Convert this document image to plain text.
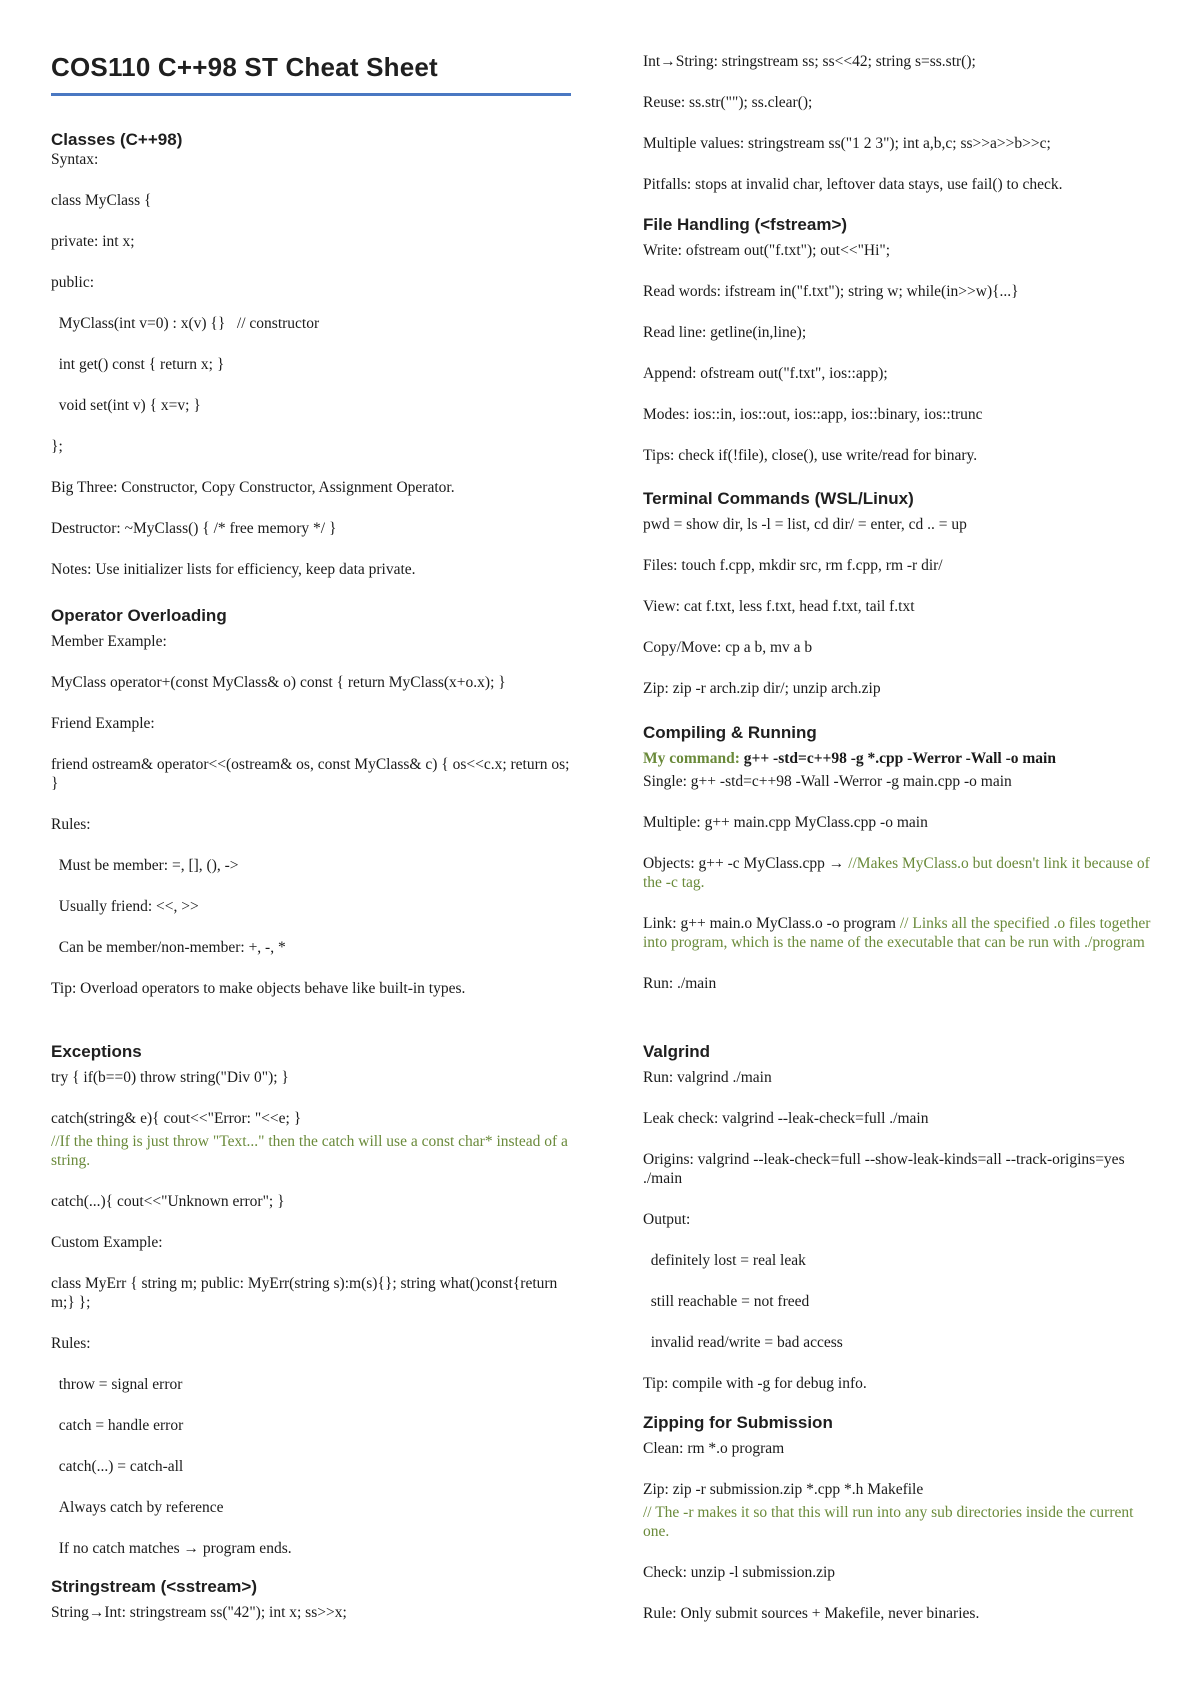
COS110 C++98 ST Cheat Sheet
Classes (C++98)
Syntax:
class MyClass {
private: int x;
public:
MyClass(int v=0) : x(v) {}   // constructor
int get() const { return x; }
void set(int v) { x=v; }
};
Big Three: Constructor, Copy Constructor, Assignment Operator.
Destructor: ~MyClass() { /* free memory */ }
Notes: Use initializer lists for efficiency, keep data private.
Operator Overloading
Member Example:
MyClass operator+(const MyClass& o) const { return MyClass(x+o.x); }
Friend Example:
friend ostream& operator<<(ostream& os, const MyClass& c) { os<<c.x; return os; }
Rules:
Must be member: =, [], (), ->
Usually friend: <<, >>
Can be member/non-member: +, -, *
Tip: Overload operators to make objects behave like built-in types.
Exceptions
try { if(b==0) throw string("Div 0"); }
catch(string& e){ cout<<"Error: "<<e; }
//If the thing is just throw "Text..." then the catch will use a const char* instead of a string.
catch(...){ cout<<"Unknown error"; }
Custom Example:
class MyErr { string m; public: MyErr(string s):m(s){}; string what()const{return m;} };
Rules:
throw = signal error
catch = handle error
catch(...) = catch-all
Always catch by reference
If no catch matches → program ends.
Stringstream (<sstream>)
String→Int: stringstream ss("42"); int x; ss>>x;
Int→String: stringstream ss; ss<<42; string s=ss.str();
Reuse: ss.str(""); ss.clear();
Multiple values: stringstream ss("1 2 3"); int a,b,c; ss>>a>>b>>c;
Pitfalls: stops at invalid char, leftover data stays, use fail() to check.
File Handling (<fstream>)
Write: ofstream out("f.txt"); out<<"Hi";
Read words: ifstream in("f.txt"); string w; while(in>>w){...}
Read line: getline(in,line);
Append: ofstream out("f.txt", ios::app);
Modes: ios::in, ios::out, ios::app, ios::binary, ios::trunc
Tips: check if(!file), close(), use write/read for binary.
Terminal Commands (WSL/Linux)
pwd = show dir, ls -l = list, cd dir/ = enter, cd .. = up
Files: touch f.cpp, mkdir src, rm f.cpp, rm -r dir/
View: cat f.txt, less f.txt, head f.txt, tail f.txt
Copy/Move: cp a b, mv a b
Zip: zip -r arch.zip dir/; unzip arch.zip
Compiling & Running
My command: g++ -std=c++98 -g *.cpp -Werror -Wall -o main
Single: g++ -std=c++98 -Wall -Werror -g main.cpp -o main
Multiple: g++ main.cpp MyClass.cpp -o main
Objects: g++ -c MyClass.cpp → //Makes MyClass.o but doesn't link it because of the -c tag.
Link: g++ main.o MyClass.o -o program // Links all the specified .o files together into program, which is the name of the executable that can be run with ./program
Run: ./main
Valgrind
Run: valgrind ./main
Leak check: valgrind --leak-check=full ./main
Origins: valgrind --leak-check=full --show-leak-kinds=all --track-origins=yes ./main
Output:
definitely lost = real leak
still reachable = not freed
invalid read/write = bad access
Tip: compile with -g for debug info.
Zipping for Submission
Clean: rm *.o program
Zip: zip -r submission.zip *.cpp *.h Makefile
// The -r makes it so that this will run into any sub directories inside the current one.
Check: unzip -l submission.zip
Rule: Only submit sources + Makefile, never binaries.
